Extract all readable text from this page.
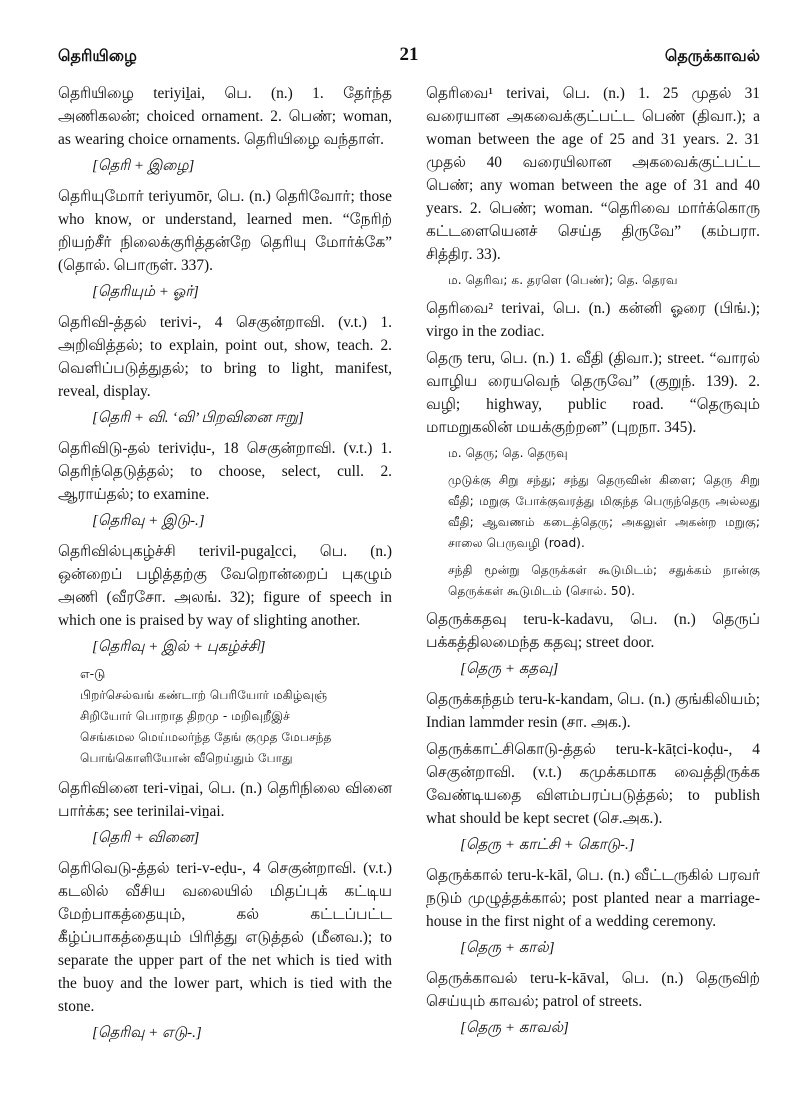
தெரியிழை	21	தெருக்காவல்

தெரியிழை teriyiḻai, பெ. (n.) 1. தேர்ந்த அணிகலன்; choiced ornament. 2. பெண்; woman, as wearing choice ornaments. தெரியிழை வந்தாள்.

[தெரி + இழை]

தெரியுமோர் teriyumōr, பெ. (n.) தெரிவோர்; those who know, or understand, learned men. “நேரிற் றியற்சீர் நிலைக்குரித்தன்றே தெரியு மோர்க்கே” (தொல். பொருள். 337).

[தெரியும் + ஓர்]

தெரிவி-த்தல் terivi-, 4 செகுன்றாவி. (v.t.) 1. அறிவித்தல்; to explain, point out, show, teach. 2. வெளிப்படுத்துதல்; to bring to light, manifest, reveal, display.

[தெரி + வி. ‘வி’ பிறவினை ஈறு]

தெரிவிடு-தல் teriviḍu-, 18 செகுன்றாவி. (v.t.) 1. தெரிந்தெடுத்தல்; to choose, select, cull. 2. ஆராய்தல்; to examine.

[தெரிவு + இடு-.]

தெரிவில்புகழ்ச்சி terivil-pugaḻcci, பெ. (n.) ஒன்றைப் பழித்தற்கு வேறொன்றைப் புகழும் அணி (வீரசோ. அலங். 32); figure of speech in which one is praised by way of slighting another.

[தெரிவு + இல் + புகழ்ச்சி]

எ-டு

பிறர்செல்வங் கண்டாற் பெரியோர் மகிழ்வுஞ்
சிறியோர் பொறாத திறமு - மறிவுறீஇச்
செங்கமல மெய்மலர்ந்த தேங் குமுத மேபசந்த
பொங்கொளியோன் வீறெய்தும் போது

தெரிவினை teri-viṉai, பெ. (n.) தெரிநிலை வினை பார்க்க; see terinilai-viṉai.

[தெரி + வினை]

தெரிவெடு-த்தல் teri-v-eḍu-, 4 செகுன்றாவி. (v.t.) கடலில் வீசிய வலையில் மிதப்புக் கட்டிய மேற்பாகத்தையும், கல் கட்டப்பட்ட கீழ்ப்பாகத்தையும் பிரித்து எடுத்தல் (மீனவ.); to separate the upper part of the net which is tied with the buoy and the lower part, which is tied with the stone.

[தெரிவு + எடு-.]

தெரிவை¹ terivai, பெ. (n.) 1. 25 முதல் 31 வரையான அகவைக்குட்பட்ட பெண் (திவா.); a woman between the age of 25 and 31 years. 2. 31 முதல் 40 வரையிலான அகவைக்குட்பட்ட பெண்; any woman between the age of 31 and 40 years. 2. பெண்; woman. “தெரிவை மார்க்கொரு கட்டளையெனச் செய்த திருவே” (கம்பரா. சித்திர. 33).

ம. தெரிவ; க. தரளெ (பெண்); தெ. தெரவ

தெரிவை² terivai, பெ. (n.) கன்னி ஓரை (பிங்.); virgo in the zodiac.

தெரு teru, பெ. (n.) 1. வீதி (திவா.); street. “வாரல் வாழிய ரையவெந் தெருவே” (குறுந். 139). 2. வழி; highway, public road. “தெருவும் மாமறுகலின் மயக்குற்றன” (புறநா. 345).

ம. தெரு; தெ. தெருவு

முடுக்கு சிறு சந்து; சந்து தெருவின் கிளை; தெரு சிறு வீதி; மறுகு போக்குவரத்து மிகுந்த பெருந்தெரு அல்லது வீதி; ஆவணம் கடைத்தெரு; அகலுள் அகன்ற மறுகு; சாலை பெருவழி (road).

சந்தி மூன்று தெருக்கள் கூடுமிடம்; சதுக்கம் நான்கு தெருக்கள் கூடுமிடம் (சொல். 50).

தெருக்கதவு teru-k-kadavu, பெ. (n.) தெருப் பக்கத்திலமைந்த கதவு; street door.

[தெரு + கதவு]

தெருக்கந்தம் teru-k-kandam, பெ. (n.) குங்கிலியம்; Indian lammder resin (சா. அக.).

தெருக்காட்சிகொடு-த்தல் teru-k-kāṭci-koḍu-, 4 செகுன்றாவி. (v.t.) கமுக்கமாக வைத்திருக்க வேண்டியதை விளம்பரப்படுத்தல்; to publish what should be kept secret (செ.அக.).

[தெரு + காட்சி + கொடு-.]

தெருக்கால் teru-k-kāl, பெ. (n.) வீட்டருகில் பரவர் நடும் முழுத்தக்கால்; post planted near a marriage-house in the first night of a wedding ceremony.

[தெரு + கால்]

தெருக்காவல் teru-k-kāval, பெ. (n.) தெருவிற் செய்யும் காவல்; patrol of streets.

[தெரு + காவல்]
